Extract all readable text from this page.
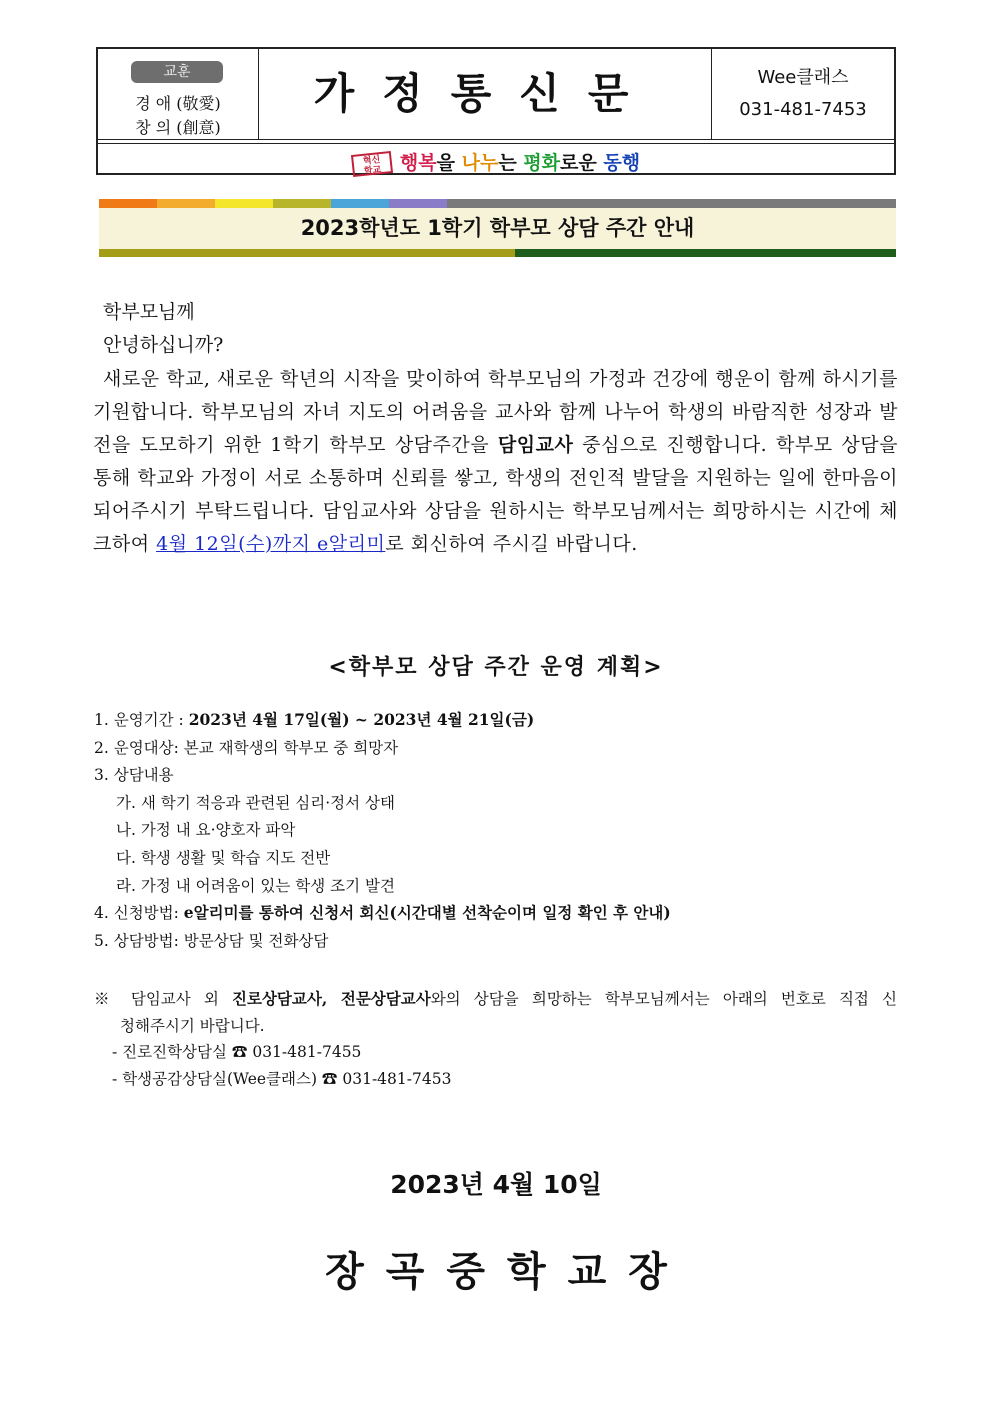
교훈
경 애 (敬愛)
창 의 (創意)
가정통신문	Wee클래스
031-481-7453
혁신
학교 행복을 나누는 평화로운 동행
2023학년도 1학기 학부모 상담 주간 안내
학부모님께
안녕하십니까?
새로운 학교, 새로운 학년의 시작을 맞이하여 학부모님의 가정과 건강에 행운이 함께 하시기를 기원합니다. 학부모님의 자녀 지도의 어려움을 교사와 함께 나누어 학생의 바람직한 성장과 발전을 도모하기 위한 1학기 학부모 상담주간을 담임교사 중심으로 진행합니다. 학부모 상담을 통해 학교와 가정이 서로 소통하며 신뢰를 쌓고, 학생의 전인적 발달을 지원하는 일에 한마음이 되어주시기 부탁드립니다. 담임교사와 상담을 원하시는 학부모님께서는 희망하시는 시간에 체크하여 4월 12일(수)까지 e알리미로 회신하여 주시길 바랍니다.
<학부모 상담 주간 운영 계획>
1. 운영기간 : 2023년 4월 17일(월) ~ 2023년 4월 21일(금)
2. 운영대상: 본교 재학생의 학부모 중 희망자
3. 상담내용
가. 새 학기 적응과 관련된 심리·정서 상태
나. 가정 내 요·양호자 파악
다. 학생 생활 및 학습 지도 전반
라. 가정 내 어려움이 있는 학생 조기 발견
4. 신청방법: e알리미를 통하여 신청서 회신(시간대별 선착순이며 일정 확인 후 안내)
5. 상담방법: 방문상담 및 전화상담
※ 담임교사 외 진로상담교사, 전문상담교사와의 상담을 희망하는 학부모님께서는 아래의 번호로 직접 신
청해주시기 바랍니다.
- 진로진학상담실 ☎ 031-481-7455
- 학생공감상담실(Wee클래스) ☎ 031-481-7453
2023년 4월 10일
장곡중학교장
